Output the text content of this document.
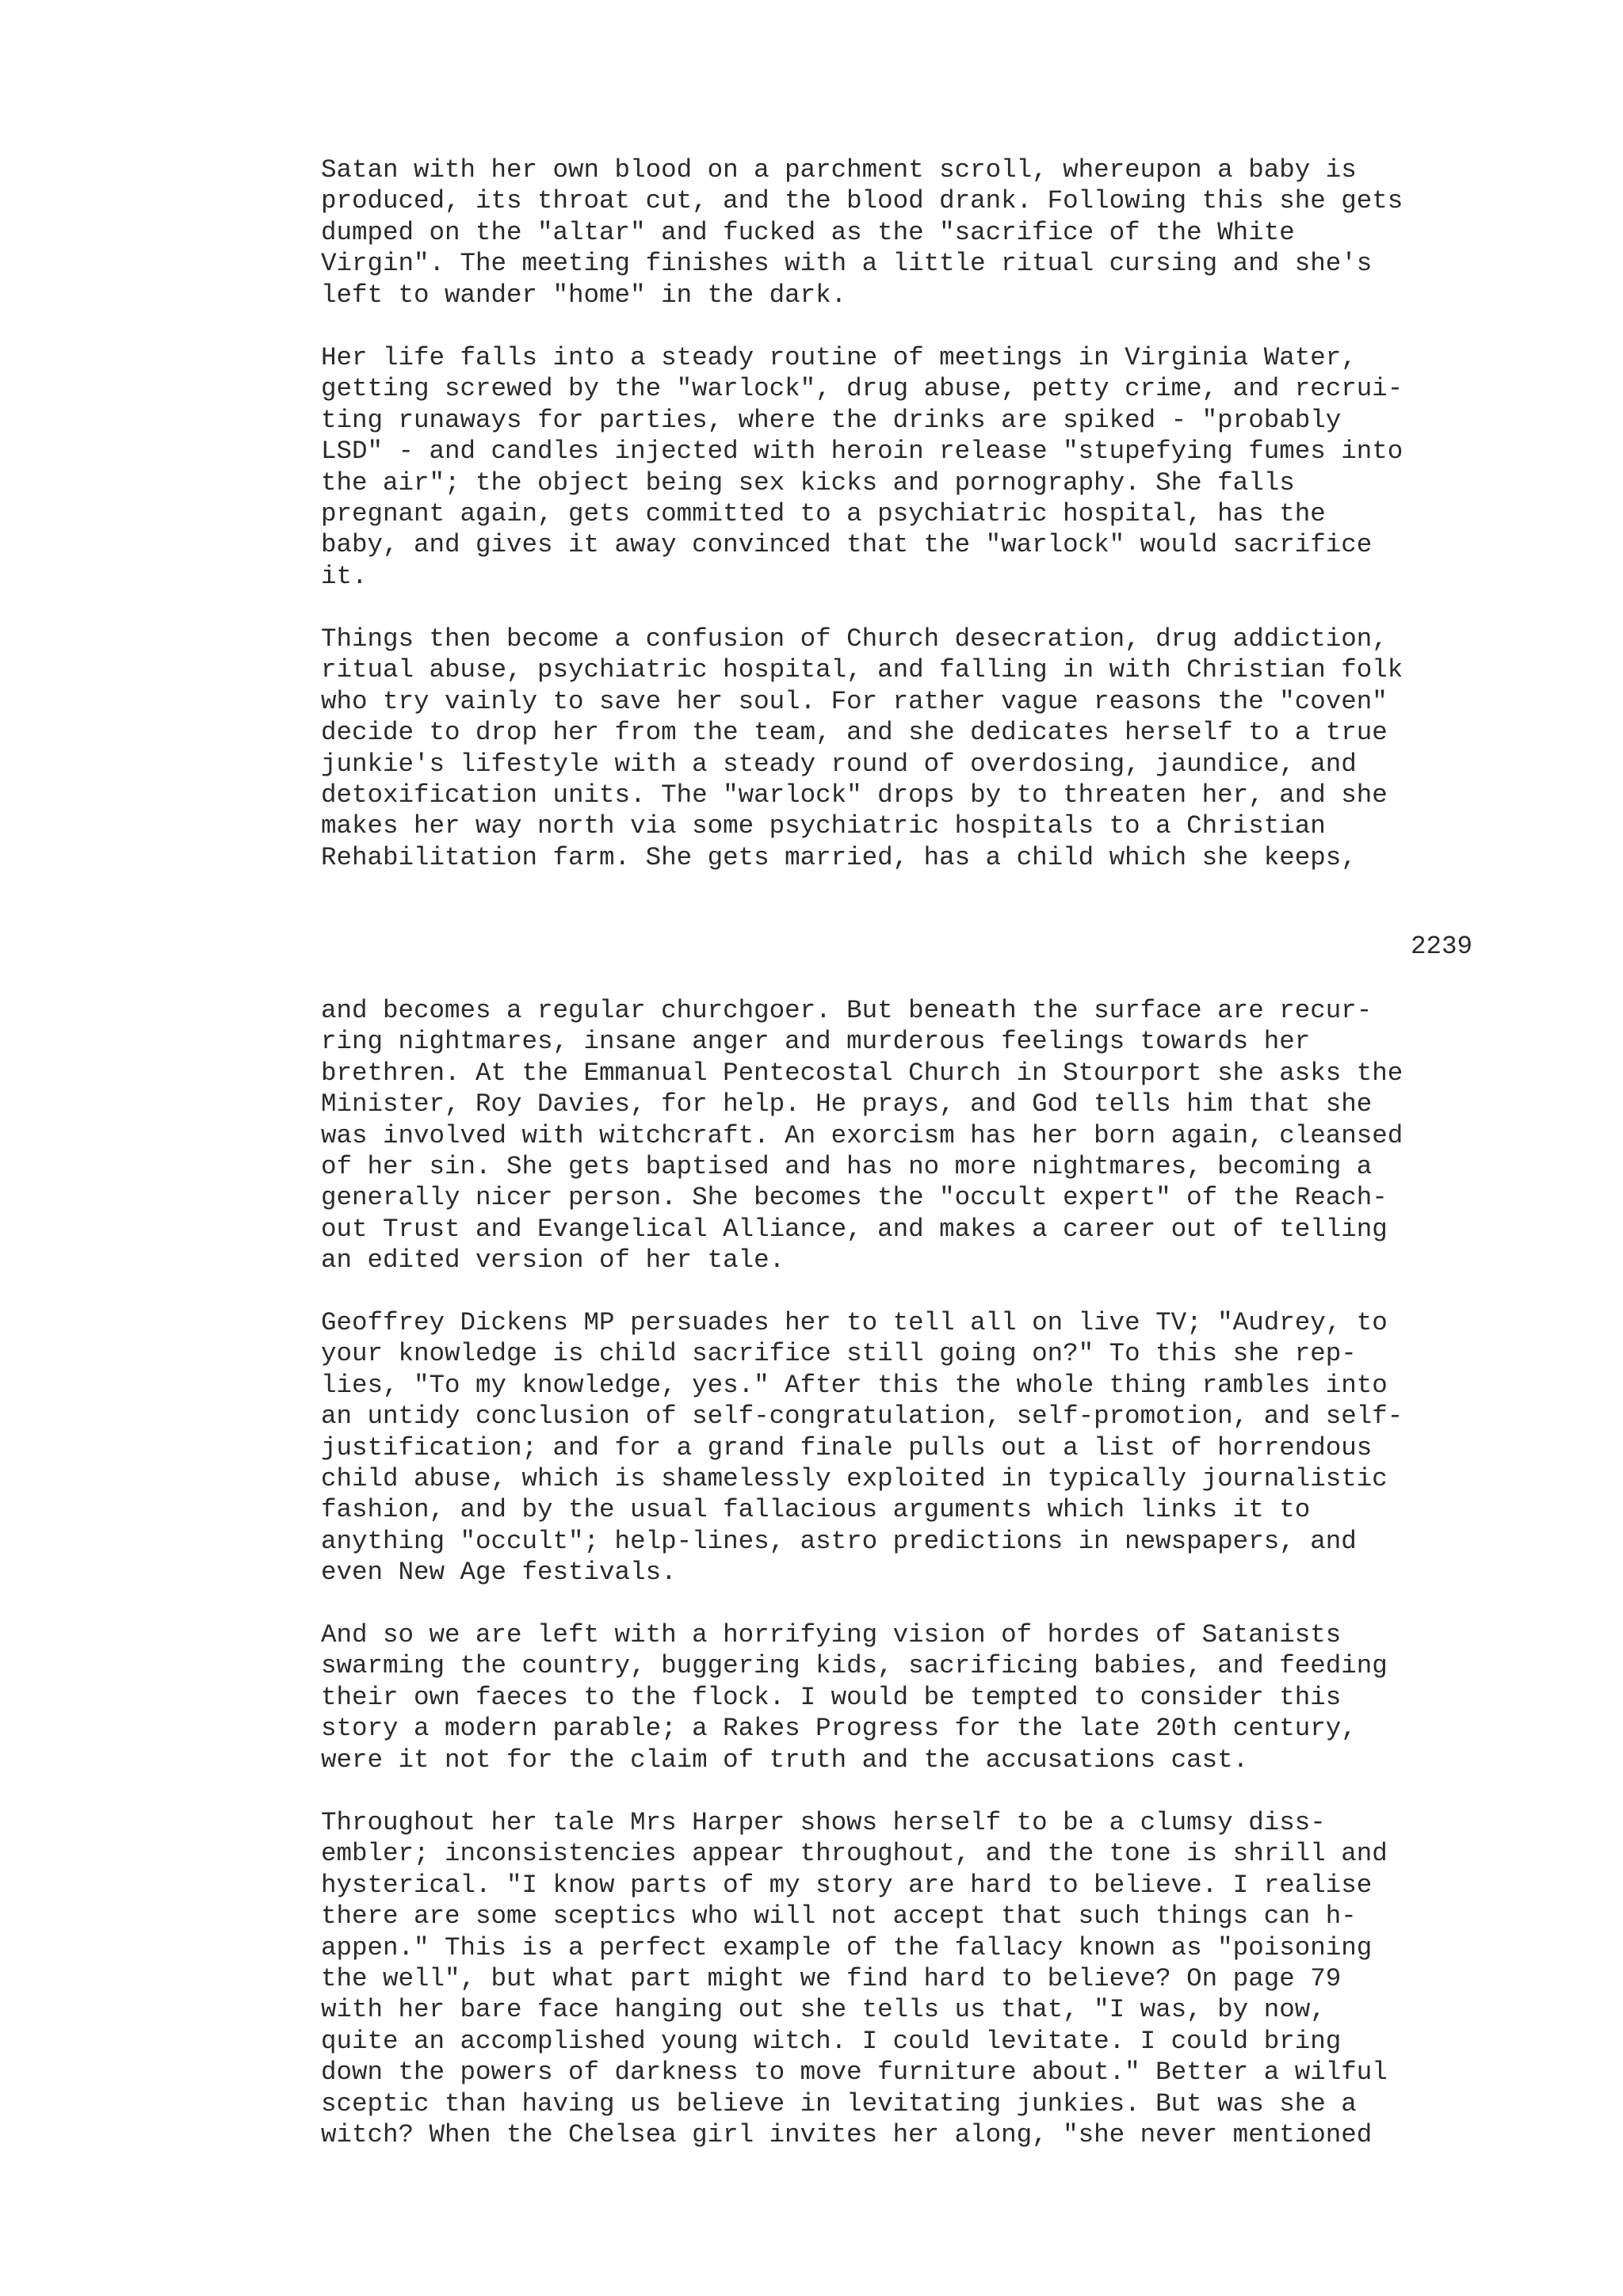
Satan with her own blood on a parchment scroll, whereupon a baby is
produced, its throat cut, and the blood drank. Following this she gets
dumped on the "altar" and fucked as the "sacrifice of the White
Virgin". The meeting finishes with a little ritual cursing and she's
left to wander "home" in the dark.

Her life falls into a steady routine of meetings in Virginia Water,
getting screwed by the "warlock", drug abuse, petty crime, and recrui-
ting runaways for parties, where the drinks are spiked - "probably
LSD" - and candles injected with heroin release "stupefying fumes into
the air"; the object being sex kicks and pornography. She falls
pregnant again, gets committed to a psychiatric hospital, has the
baby, and gives it away convinced that the "warlock" would sacrifice
it.

Things then become a confusion of Church desecration, drug addiction,
ritual abuse, psychiatric hospital, and falling in with Christian folk
who try vainly to save her soul. For rather vague reasons the "coven"
decide to drop her from the team, and she dedicates herself to a true
junkie's lifestyle with a steady round of overdosing, jaundice, and
detoxification units. The "warlock" drops by to threaten her, and she
makes her way north via some psychiatric hospitals to a Christian
Rehabilitation farm. She gets married, has a child which she keeps,

2239

and becomes a regular churchgoer. But beneath the surface are recur-
ring nightmares, insane anger and murderous feelings towards her
brethren. At the Emmanual Pentecostal Church in Stourport she asks the
Minister, Roy Davies, for help. He prays, and God tells him that she
was involved with witchcraft. An exorcism has her born again, cleansed
of her sin. She gets baptised and has no more nightmares, becoming a
generally nicer person. She becomes the "occult expert" of the Reach-
out Trust and Evangelical Alliance, and makes a career out of telling
an edited version of her tale.

Geoffrey Dickens MP persuades her to tell all on live TV; "Audrey, to
your knowledge is child sacrifice still going on?" To this she rep-
lies, "To my knowledge, yes." After this the whole thing rambles into
an untidy conclusion of self-congratulation, self-promotion, and self-
justification; and for a grand finale pulls out a list of horrendous
child abuse, which is shamelessly exploited in typically journalistic
fashion, and by the usual fallacious arguments which links it to
anything "occult"; help-lines, astro predictions in newspapers, and
even New Age festivals.

And so we are left with a horrifying vision of hordes of Satanists
swarming the country, buggering kids, sacrificing babies, and feeding
their own faeces to the flock. I would be tempted to consider this
story a modern parable; a Rakes Progress for the late 20th century,
were it not for the claim of truth and the accusations cast.

Throughout her tale Mrs Harper shows herself to be a clumsy diss-
embler; inconsistencies appear throughout, and the tone is shrill and
hysterical. "I know parts of my story are hard to believe. I realise
there are some sceptics who will not accept that such things can h-
appen." This is a perfect example of the fallacy known as "poisoning
the well", but what part might we find hard to believe? On page 79
with her bare face hanging out she tells us that, "I was, by now,
quite an accomplished young witch. I could levitate. I could bring
down the powers of darkness to move furniture about." Better a wilful
sceptic than having us believe in levitating junkies. But was she a
witch? When the Chelsea girl invites her along, "she never mentioned
